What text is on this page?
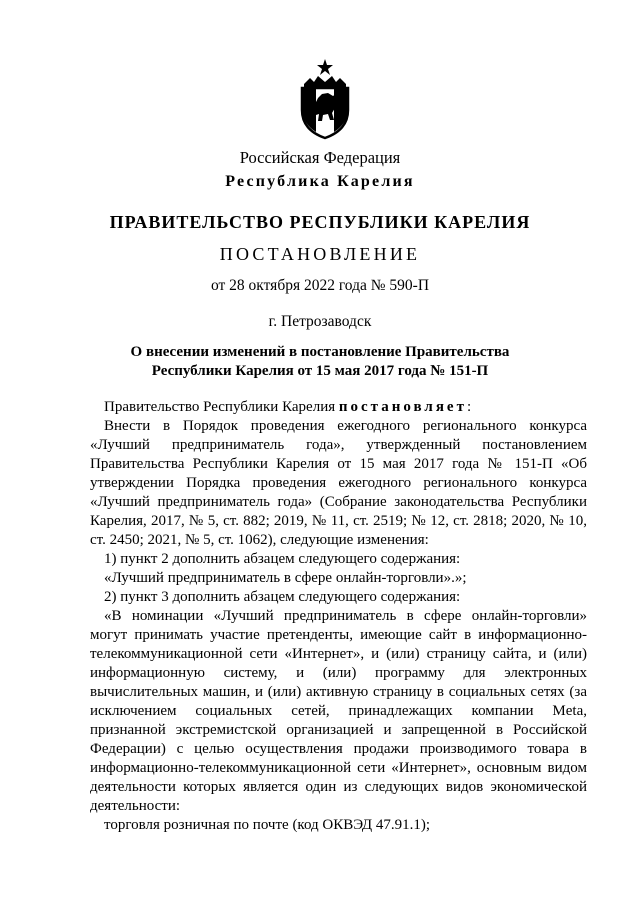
Российская Федерация
Республика Карелия
ПРАВИТЕЛЬСТВО РЕСПУБЛИКИ КАРЕЛИЯ
ПОСТАНОВЛЕНИЕ
от 28 октября 2022 года № 590-П
г. Петрозаводск
О внесении изменений в постановление Правительства
Республики Карелия от 15 мая 2017 года № 151-П

Правительство Республики Карелия постановляет:

Внести в Порядок проведения ежегодного регионального конкурса «Лучший предприниматель года», утвержденный постановлением Правительства Республики Карелия от 15 мая 2017 года № 151-П «Об утверждении Порядка проведения ежегодного регионального конкурса «Лучший предприниматель года» (Собрание законодательства Республики Карелия, 2017, № 5, ст. 882; 2019, № 11, ст. 2519; № 12, ст. 2818; 2020, № 10, ст. 2450; 2021, № 5, ст. 1062), следующие изменения:

1) пункт 2 дополнить абзацем следующего содержания:

«Лучший предприниматель в сфере онлайн-торговли».»;

2) пункт 3 дополнить абзацем следующего содержания:

«В номинации «Лучший предприниматель в сфере онлайн-торговли» могут принимать участие претенденты, имеющие сайт в информационно-телекоммуникационной сети «Интернет», и (или) страницу сайта, и (или) информационную систему, и (или) программу для электронных вычислительных машин, и (или) активную страницу в социальных сетях (за исключением социальных сетей, принадлежащих компании Meta, признанной экстремистской организацией и запрещенной в Российской Федерации) с целью осуществления продажи производимого товара в информационно-телекоммуникационной сети «Интернет», основным видом деятельности которых является один из следующих видов экономической деятельности:

торговля розничная по почте (код ОКВЭД 47.91.1);
